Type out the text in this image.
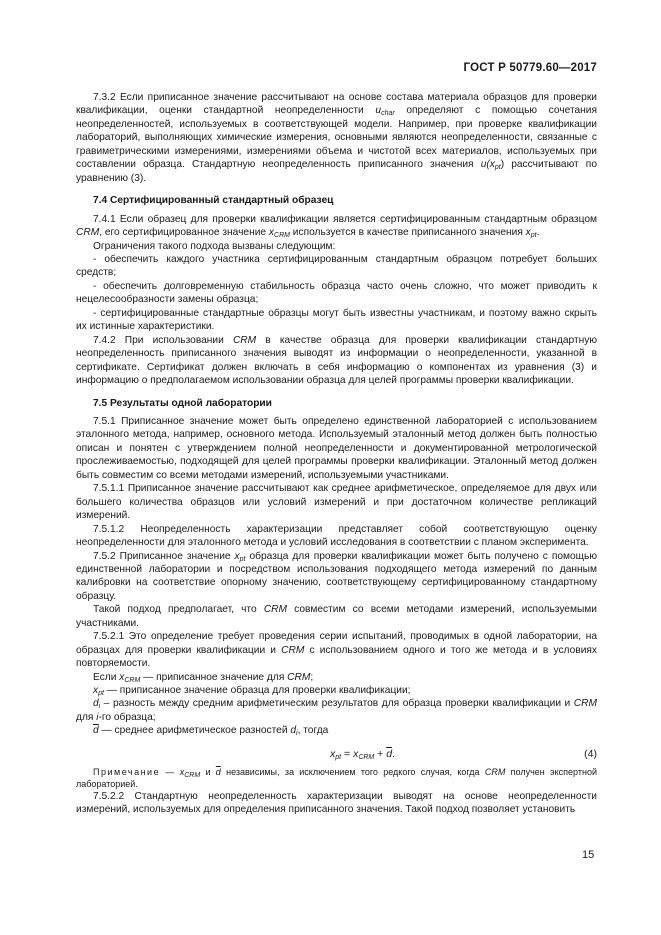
ГОСТ Р 50779.60—2017

7.3.2 Если приписанное значение рассчитывают на основе состава материала образцов для проверки квалификации, оценки стандартной неопределенности $u_{char}$ определяют с помощью сочетания неопределенностей, используемых в соответствующей модели. Например, при проверке квалификации лабораторий, выполняющих химические измерения, основными являются неопределенности, связанные с гравиметрическими измерениями, измерениями объема и чистотой всех материалов, используемых при составлении образца. Стандартную неопределенность приписанного значения $u(x_{pt})$ рассчитывают по уравнению (3).

7.4 Сертифицированный стандартный образец

7.4.1 Если образец для проверки квалификации является сертифицированным стандартным образцом CRM, его сертифицированное значение $x_{CRM}$ используется в качестве приписанного значения $x_{pt}$.

Ограничения такого подхода вызваны следующим:

- обеспечить каждого участника сертифицированным стандартным образцом потребует больших средств;

- обеспечить долговременную стабильность образца часто очень сложно, что может приводить к нецелесообразности замены образца;

- сертифицированные стандартные образцы могут быть известны участникам, и поэтому важно скрыть их истинные характеристики.

7.4.2 При использовании CRM в качестве образца для проверки квалификации стандартную неопределенность приписанного значения выводят из информации о неопределенности, указанной в сертификате. Сертификат должен включать в себя информацию о компонентах из уравнения (3) и информацию о предполагаемом использовании образца для целей программы проверки квалификации.

7.5 Результаты одной лаборатории

7.5.1 Приписанное значение может быть определено единственной лабораторией с использованием эталонного метода, например, основного метода. Используемый эталонный метод должен быть полностью описан и понятен с утверждением полной неопределенности и документированной метрологической прослеживаемостью, подходящей для целей программы проверки квалификации. Эталонный метод должен быть совместим со всеми методами измерений, используемыми участниками.

7.5.1.1 Приписанное значение рассчитывают как среднее арифметическое, определяемое для двух или большего количества образцов или условий измерений и при достаточном количестве репликаций измерений.

7.5.1.2 Неопределенность характеризации представляет собой соответствующую оценку неопределенности для эталонного метода и условий исследования в соответствии с планом эксперимента.

7.5.2 Приписанное значение $x_{pt}$ образца для проверки квалификации может быть получено с помощью единственной лаборатории и посредством использования подходящего метода измерений по данным калибровки на соответствие опорному значению, соответствующему сертифицированному стандартному образцу.

Такой подход предполагает, что CRM совместим со всеми методами измерений, используемыми участниками.

7.5.2.1 Это определение требует проведения серии испытаний, проводимых в одной лаборатории, на образцах для проверки квалификации и CRM с использованием одного и того же метода и в условиях повторяемости.

Если $x_{CRM}$ — приписанное значение для CRM;

$x_{pt}$ — приписанное значение образца для проверки квалификации;

$d_i$ – разность между средним арифметическим результатов для образца проверки квалификации и CRM для i-го образца;

$\overline{d}$ — среднее арифметическое разностей $d_i$, тогда

$x_{pt} = x_{CRM} + \overline{d}$.	(4)

Примечание — $x_{CRM}$ и $\overline{d}$ независимы, за исключением того редкого случая, когда CRM получен экспертной лабораторией.

7.5.2.2 Стандартную неопределенность характеризации выводят на основе неопределенности измерений, используемых для определения приписанного значения. Такой подход позволяет установить

15
